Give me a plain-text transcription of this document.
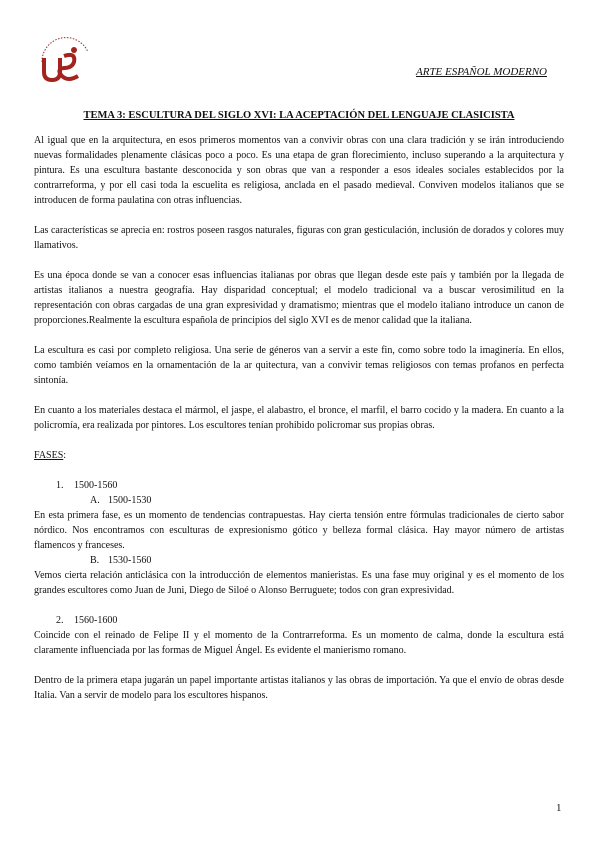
ARTE ESPAÑOL MODERNO
TEMA 3: ESCULTURA DEL SIGLO XVI: LA ACEPTACIÓN DEL LENGUAJE CLASICISTA

Al igual que en la arquitectura, en esos primeros momentos van a convivir obras con una clara tradición y se irán introduciendo nuevas formalidades plenamente clásicas poco a poco. Es una etapa de gran florecimiento, incluso superando a la arquitectura y pintura. Es una escultura bastante desconocida y son obras que van a responder a esos ideales sociales establecidos por la contrarreforma, y por ell casi toda la escuelita es religiosa, anclada en el pasado medieval. Conviven modelos italianos que se introducen de forma paulatina con otras influencias.

Las características se aprecia en: rostros poseen rasgos naturales, figuras con gran gesticulación, inclusión de dorados y colores muy llamativos.

Es una época donde se van a conocer esas influencias italianas por obras que llegan desde este país y también por la llegada de artistas italianos a nuestra geografía. Hay disparidad conceptual; el modelo tradicional va a buscar verosimilitud en la representación con obras cargadas de una gran expresividad y dramatismo; mientras que el modelo italiano introduce un canon de proporciones.Realmente la escultura española de principios del siglo XVI es de menor calidad que la italiana.

La escultura es casi por completo religiosa. Una serie de géneros van a servir a este fin, como sobre todo la imaginería. En ellos, como también veíamos en la ornamentación de la ar quitectura, van a convivir temas religiosos con temas profanos en perfecta sintonía.

En cuanto a los materiales destaca el mármol, el jaspe, el alabastro, el bronce, el marfil, el barro cocido y la madera. En cuanto a la policromía, era realizada por pintores. Los escultores tenían prohibido policromar sus propias obras.

FASES:

1. 1500-1560

A. 1500-1530

En esta primera fase, es un momento de tendencias contrapuestas. Hay cierta tensión entre fórmulas tradicionales de cierto sabor nórdico. Nos encontramos con esculturas de expresionismo gótico y belleza formal clásica. Hay mayor número de artistas flamencos y franceses.

B. 1530-1560

Vemos cierta relación anticlásica con la introducción de elementos manieristas. Es una fase muy original y es el momento de los grandes escultores como Juan de Juni, Diego de Siloé o Alonso Berruguete; todos con gran expresividad.

2. 1560-1600

Coincide con el reinado de Felipe II y el momento de la Contrarreforma. Es un momento de calma, donde la escultura está claramente influenciada por las formas de Miguel Ángel. Es evidente el manierismo romano.

Dentro de la primera etapa jugarán un papel importante artistas italianos y las obras de importación. Ya que el envío de obras desde Italia. Van a servir de modelo para los escultores hispanos.

1
